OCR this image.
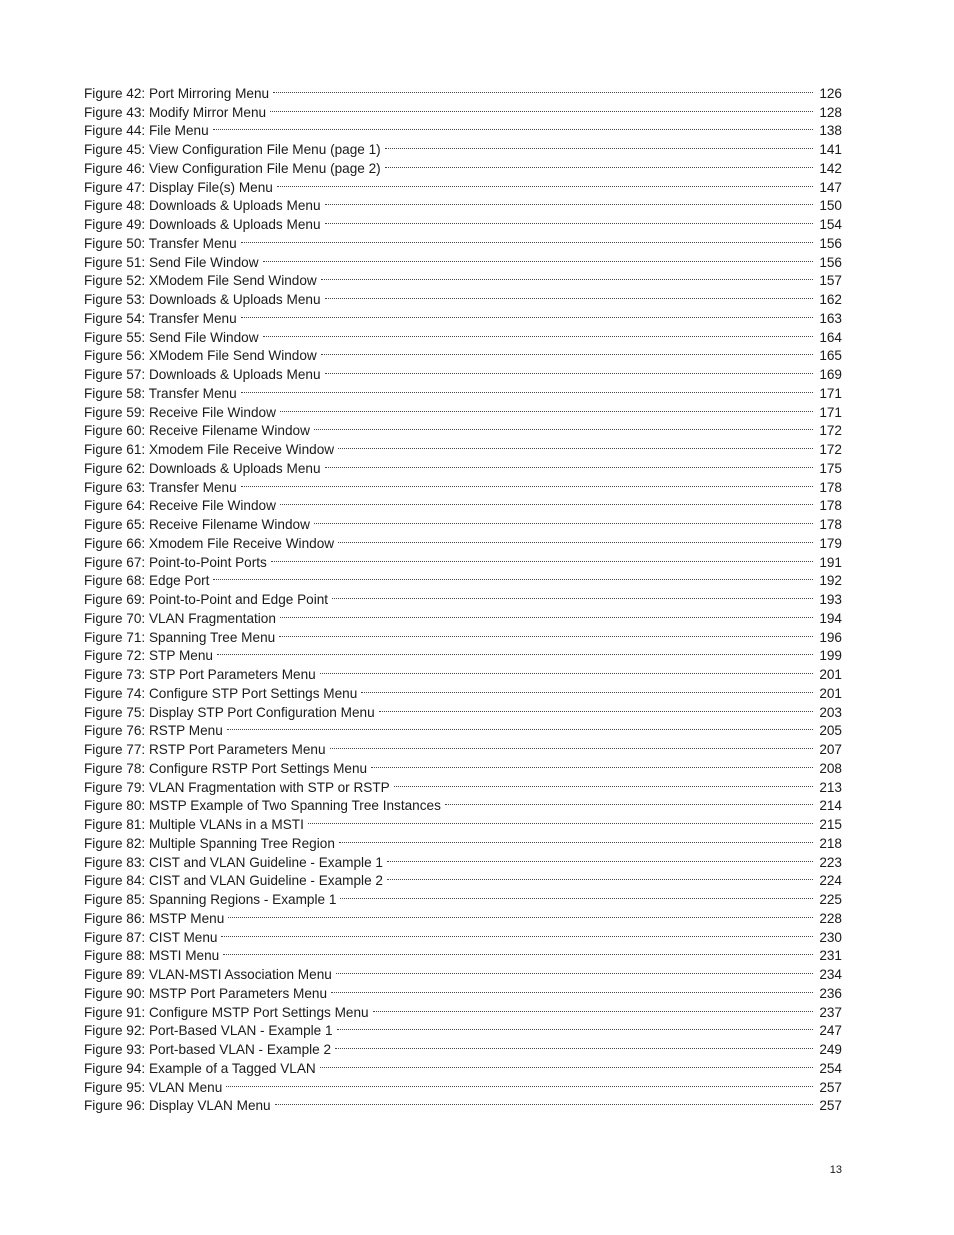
Figure 42: Port Mirroring Menu	126
Figure 43: Modify Mirror Menu	128
Figure 44: File Menu	138
Figure 45: View Configuration File Menu (page 1)	141
Figure 46: View Configuration File Menu (page 2)	142
Figure 47: Display File(s) Menu	147
Figure 48: Downloads & Uploads Menu	150
Figure 49: Downloads & Uploads Menu	154
Figure 50: Transfer Menu	156
Figure 51: Send File Window	156
Figure 52: XModem File Send Window	157
Figure 53: Downloads & Uploads Menu	162
Figure 54: Transfer Menu	163
Figure 55: Send File Window	164
Figure 56: XModem File Send Window	165
Figure 57: Downloads & Uploads Menu	169
Figure 58: Transfer Menu	171
Figure 59: Receive File Window	171
Figure 60: Receive Filename Window	172
Figure 61: Xmodem File Receive Window	172
Figure 62: Downloads & Uploads Menu	175
Figure 63: Transfer Menu	178
Figure 64: Receive File Window	178
Figure 65: Receive Filename Window	178
Figure 66: Xmodem File Receive Window	179
Figure 67: Point-to-Point Ports	191
Figure 68: Edge Port	192
Figure 69: Point-to-Point and Edge Point	193
Figure 70: VLAN Fragmentation	194
Figure 71: Spanning Tree Menu	196
Figure 72: STP Menu	199
Figure 73: STP Port Parameters Menu	201
Figure 74: Configure STP Port Settings Menu	201
Figure 75: Display STP Port Configuration Menu	203
Figure 76: RSTP Menu	205
Figure 77: RSTP Port Parameters Menu	207
Figure 78: Configure RSTP Port Settings Menu	208
Figure 79: VLAN Fragmentation with STP or RSTP	213
Figure 80: MSTP Example of Two Spanning Tree Instances	214
Figure 81: Multiple VLANs in a MSTI	215
Figure 82: Multiple Spanning Tree Region	218
Figure 83: CIST and VLAN Guideline - Example 1	223
Figure 84: CIST and VLAN Guideline - Example 2	224
Figure 85: Spanning Regions - Example 1	225
Figure 86: MSTP Menu	228
Figure 87: CIST Menu	230
Figure 88: MSTI Menu	231
Figure 89: VLAN-MSTI Association Menu	234
Figure 90: MSTP Port Parameters Menu	236
Figure 91: Configure MSTP Port Settings Menu	237
Figure 92: Port-Based VLAN - Example 1	247
Figure 93: Port-based VLAN - Example 2	249
Figure 94: Example of a Tagged VLAN	254
Figure 95: VLAN Menu	257
Figure 96: Display VLAN Menu	257
13
